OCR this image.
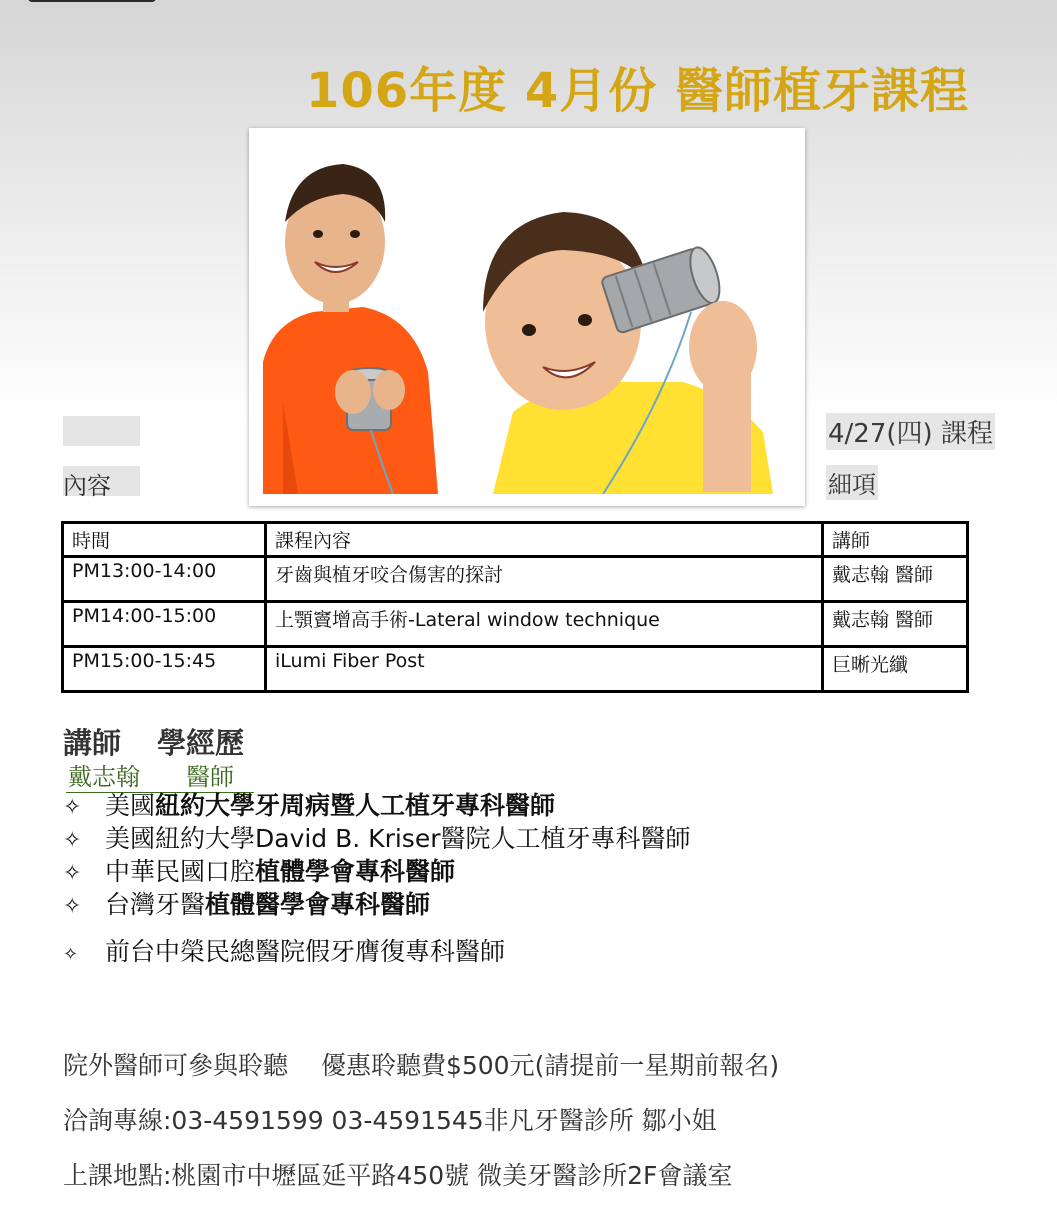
106年度 4月份 醫師植牙課程
內容
4/27(四) 課程
細項
時間	課程內容	講師
PM13:00-14:00	牙齒與植牙咬合傷害的探討	戴志翰 醫師
PM14:00-15:00	上顎竇增高手術-Lateral window technique	戴志翰 醫師
PM15:00-15:45	iLumi Fiber Post	巨晰光纖
講師 學經歷
戴志翰 醫師
✧ 美國紐約大學牙周病暨人工植牙專科醫師
✧ 美國紐約大學David B. Kriser醫院人工植牙專科醫師
✧ 中華民國口腔植體學會專科醫師
✧ 台灣牙醫植體醫學會專科醫師
✧ 前台中榮民總醫院假牙膺復專科醫師
院外醫師可參與聆聽　 優惠聆聽費$500元(請提前一星期前報名)
洽詢專線:03-4591599 03-4591545非凡牙醫診所 鄒小姐
上課地點:桃園市中壢區延平路450號 微美牙醫診所2F會議室
